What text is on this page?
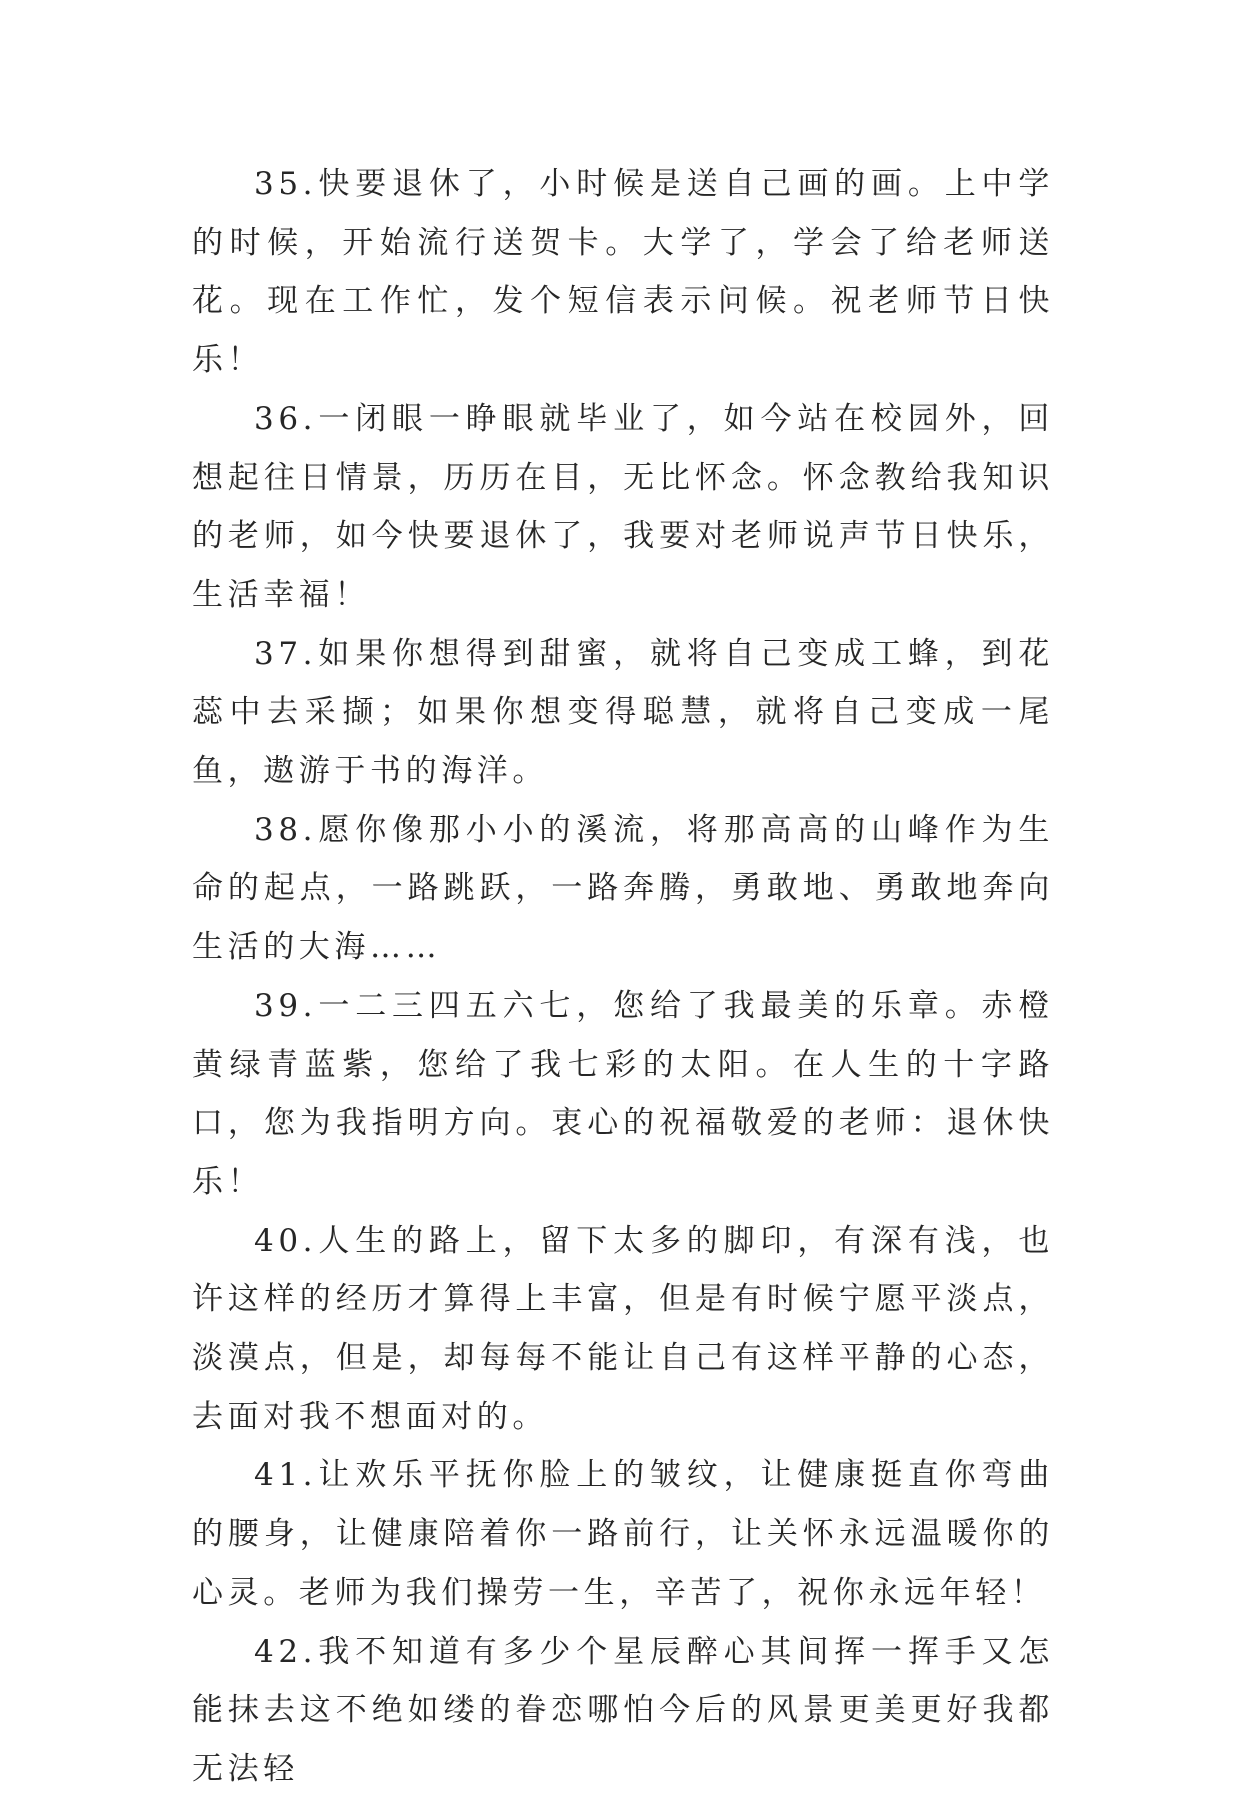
35.快要退休了，小时候是送自己画的画。上中学的时候，开始流行送贺卡。大学了，学会了给老师送花。现在工作忙，发个短信表示问候。祝老师节日快乐！

36.一闭眼一睁眼就毕业了，如今站在校园外，回想起往日情景，历历在目，无比怀念。怀念教给我知识的老师，如今快要退休了，我要对老师说声节日快乐，生活幸福！

37.如果你想得到甜蜜，就将自己变成工蜂，到花蕊中去采撷；如果你想变得聪慧，就将自己变成一尾鱼，遨游于书的海洋。

38.愿你像那小小的溪流，将那高高的山峰作为生命的起点，一路跳跃，一路奔腾，勇敢地、勇敢地奔向生活的大海……

39.一二三四五六七，您给了我最美的乐章。赤橙黄绿青蓝紫，您给了我七彩的太阳。在人生的十字路口，您为我指明方向。衷心的祝福敬爱的老师：退休快乐！

40.人生的路上，留下太多的脚印，有深有浅，也许这样的经历才算得上丰富，但是有时候宁愿平淡点，淡漠点，但是，却每每不能让自己有这样平静的心态，去面对我不想面对的。

41.让欢乐平抚你脸上的皱纹，让健康挺直你弯曲的腰身，让健康陪着你一路前行，让关怀永远温暖你的心灵。老师为我们操劳一生，辛苦了，祝你永远年轻！

42.我不知道有多少个星辰醉心其间挥一挥手又怎能抹去这不绝如缕的眷恋哪怕今后的风景更美更好我都无法轻
